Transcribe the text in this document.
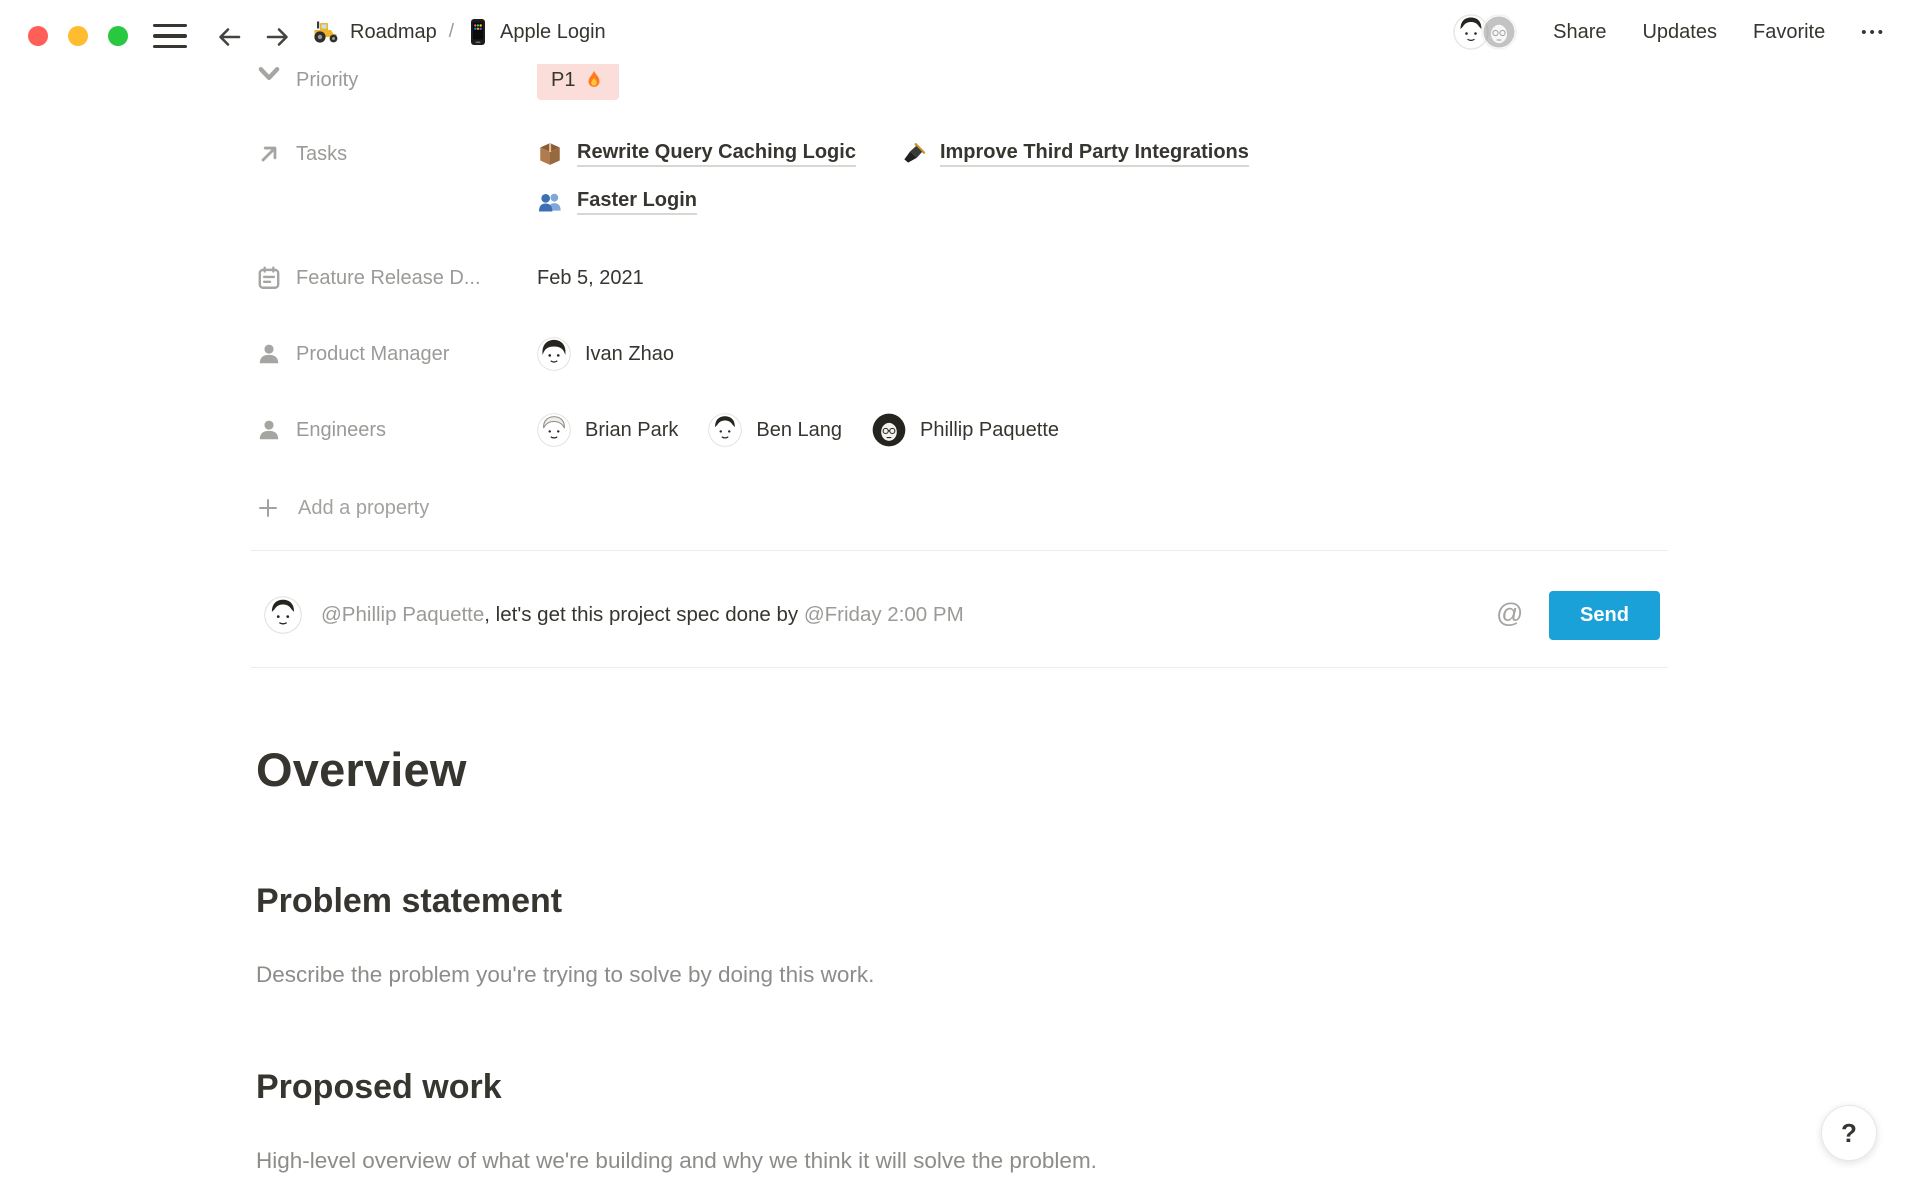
Priority	P1
Tasks	Rewrite Query Caching Logic	Improve Third Party Integrations
Faster Login
Feature Release D...	Feb 5, 2021
Product Manager	Ivan Zhao
Engineers	Brian Park	Ben Lang	Phillip Paquette
Add a property
@Phillip Paquette, let's get this project spec done by @Friday 2:00 PM	@	Send
Overview
Problem statement

Describe the problem you're trying to solve by doing this work.

Proposed work

High-level overview of what we're building and why we think it will solve the problem.

?
Roadmap / Apple Login	Share Updates Favorite •••
